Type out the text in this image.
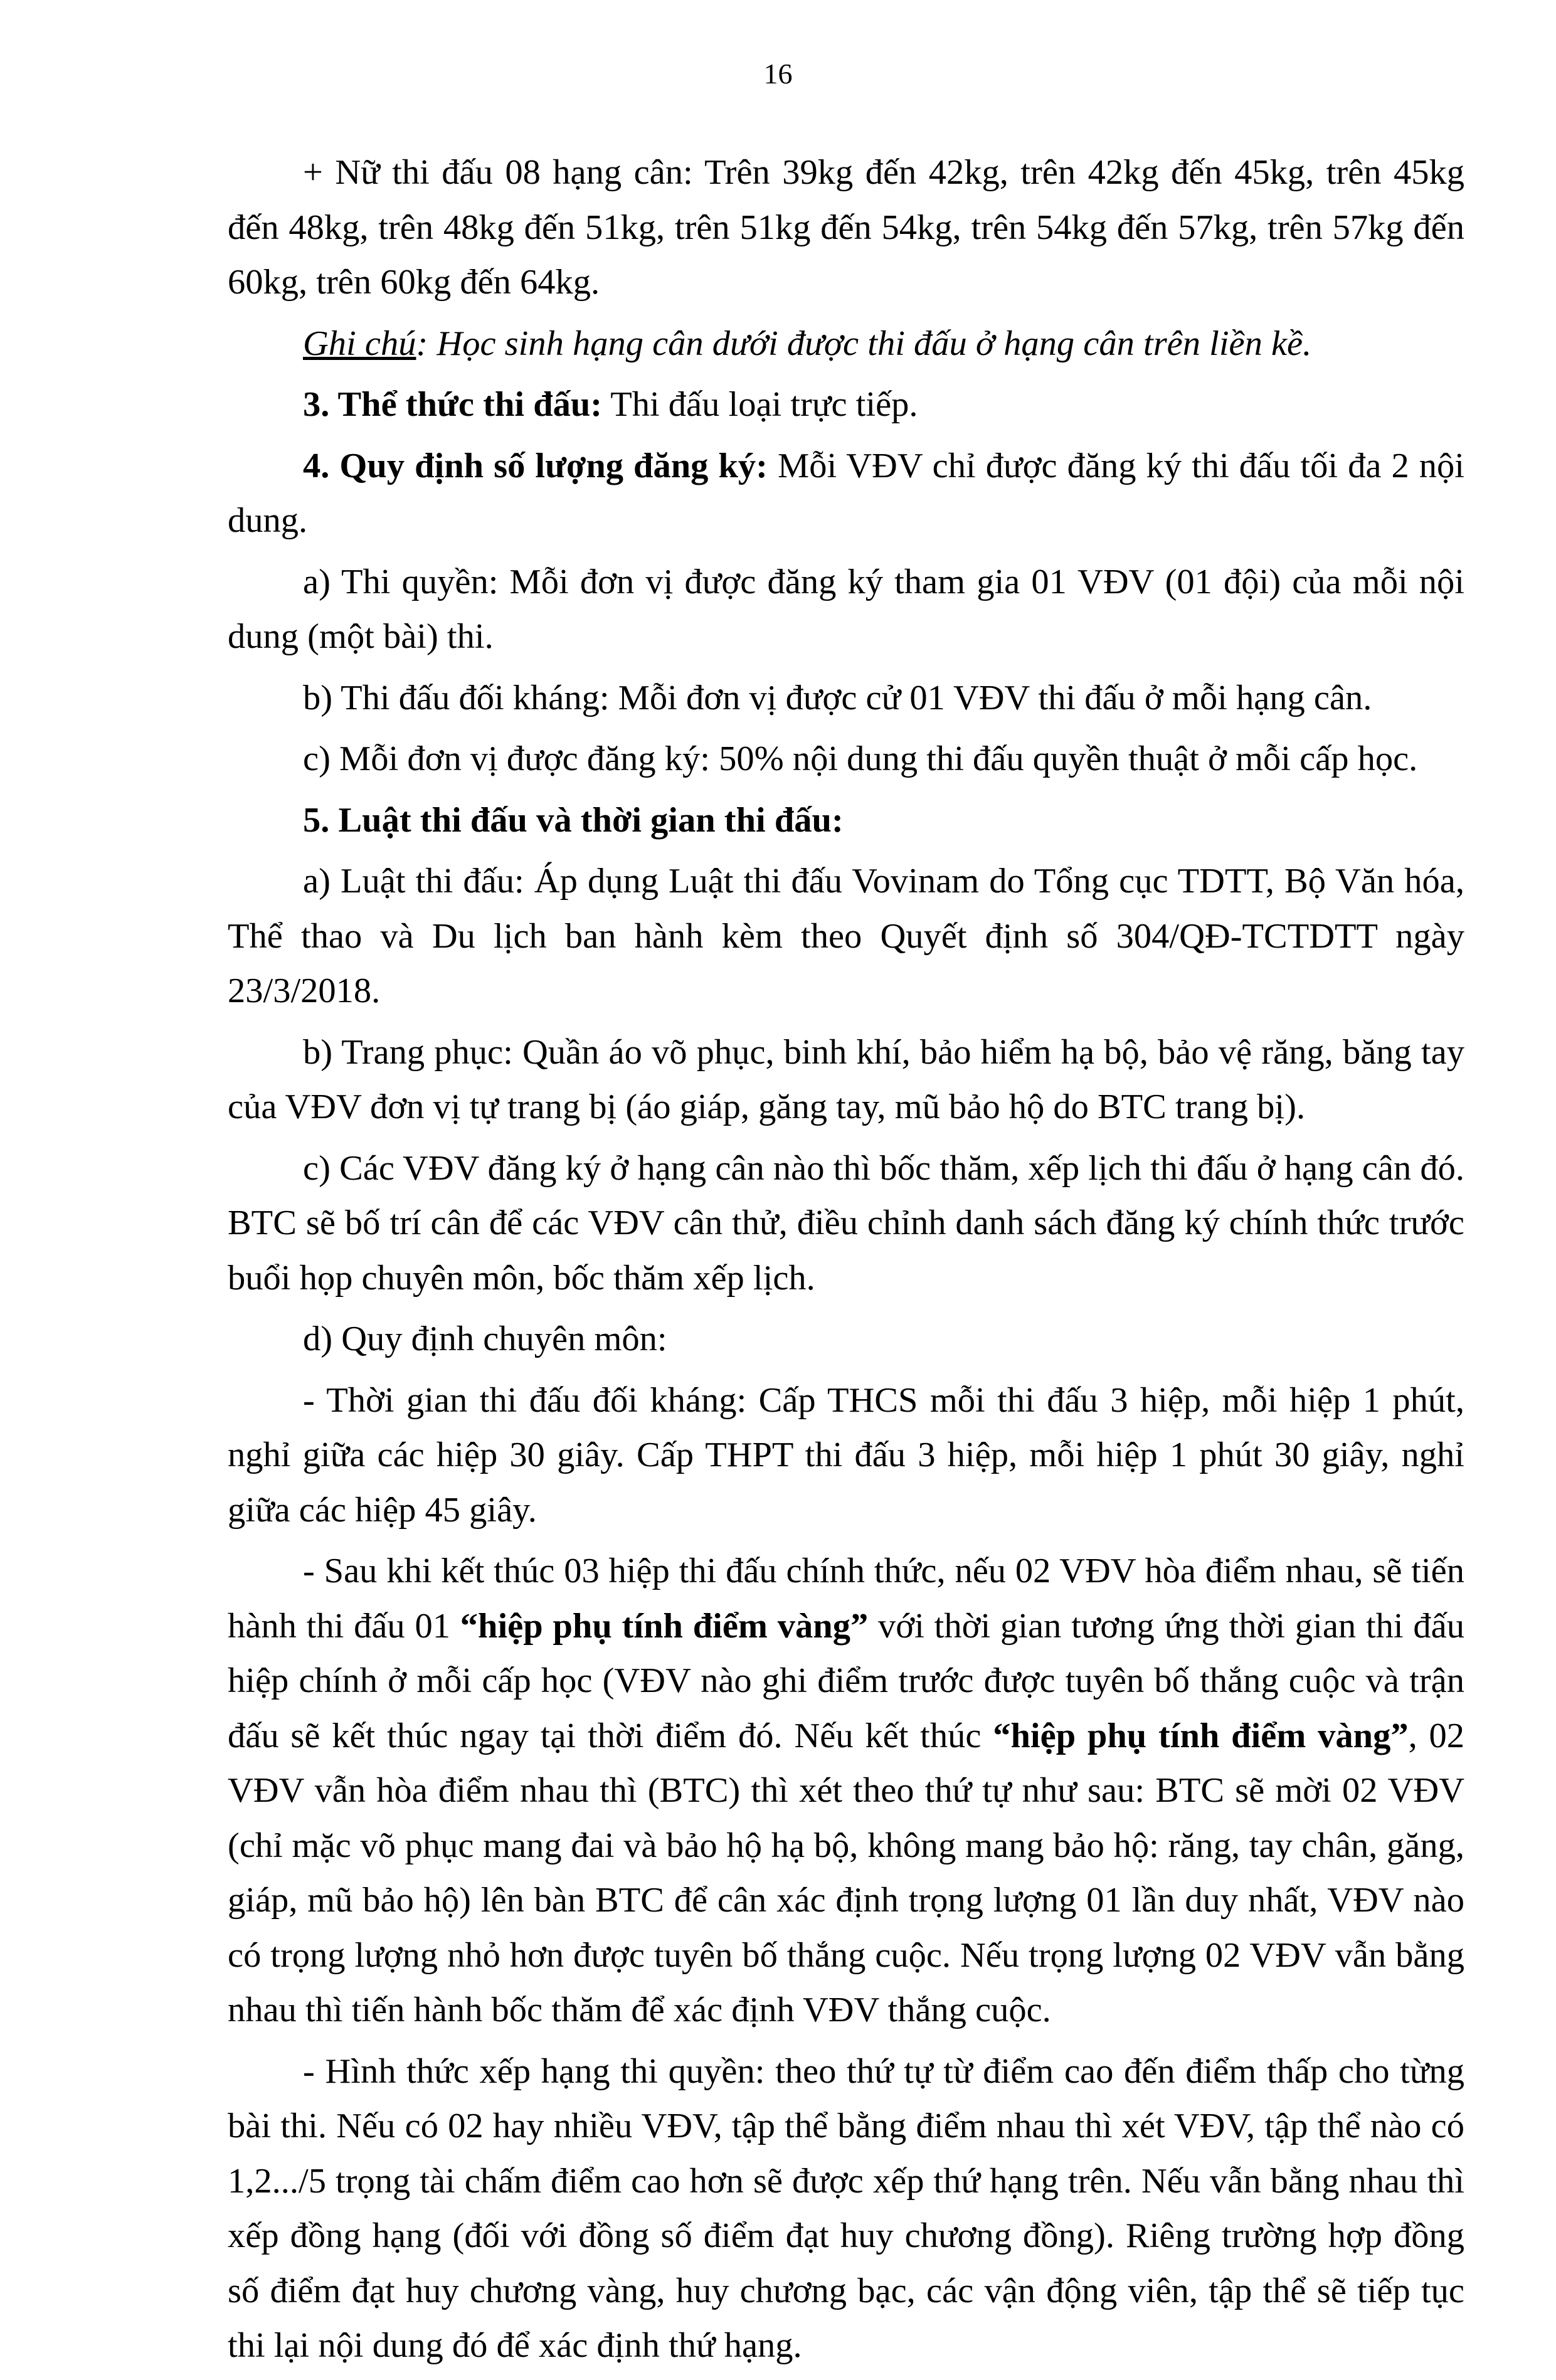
16

+ Nữ thi đấu 08 hạng cân: Trên 39kg đến 42kg, trên 42kg đến 45kg, trên 45kg đến 48kg, trên 48kg đến 51kg, trên 51kg đến 54kg, trên 54kg đến 57kg, trên 57kg đến 60kg, trên 60kg đến 64kg.

Ghi chú: Học sinh hạng cân dưới được thi đấu ở hạng cân trên liền kề.

3. Thể thức thi đấu: Thi đấu loại trực tiếp.

4. Quy định số lượng đăng ký: Mỗi VĐV chỉ được đăng ký thi đấu tối đa 2 nội dung.

a) Thi quyền: Mỗi đơn vị được đăng ký tham gia 01 VĐV (01 đội) của mỗi nội dung (một bài) thi.

b) Thi đấu đối kháng: Mỗi đơn vị được cử 01 VĐV thi đấu ở mỗi hạng cân.

c) Mỗi đơn vị được đăng ký: 50% nội dung thi đấu quyền thuật ở mỗi cấp học.

5. Luật thi đấu và thời gian thi đấu:

a) Luật thi đấu: Áp dụng Luật thi đấu Vovinam do Tổng cục TDTT, Bộ Văn hóa, Thể thao và Du lịch ban hành kèm theo Quyết định số 304/QĐ-TCTDTT ngày 23/3/2018.

b) Trang phục: Quần áo võ phục, binh khí, bảo hiểm hạ bộ, bảo vệ răng, băng tay của VĐV đơn vị tự trang bị (áo giáp, găng tay, mũ bảo hộ do BTC trang bị).

c) Các VĐV đăng ký ở hạng cân nào thì bốc thăm, xếp lịch thi đấu ở hạng cân đó. BTC sẽ bố trí cân để các VĐV cân thử, điều chỉnh danh sách đăng ký chính thức trước buổi họp chuyên môn, bốc thăm xếp lịch.

d) Quy định chuyên môn:

- Thời gian thi đấu đối kháng: Cấp THCS mỗi thi đấu 3 hiệp, mỗi hiệp 1 phút, nghỉ giữa các hiệp 30 giây. Cấp THPT thi đấu 3 hiệp, mỗi hiệp 1 phút 30 giây, nghỉ giữa các hiệp 45 giây.

- Sau khi kết thúc 03 hiệp thi đấu chính thức, nếu 02 VĐV hòa điểm nhau, sẽ tiến hành thi đấu 01 “hiệp phụ tính điểm vàng” với thời gian tương ứng thời gian thi đấu hiệp chính ở mỗi cấp học (VĐV nào ghi điểm trước được tuyên bố thắng cuộc và trận đấu sẽ kết thúc ngay tại thời điểm đó. Nếu kết thúc “hiệp phụ tính điểm vàng”, 02 VĐV vẫn hòa điểm nhau thì (BTC) thì xét theo thứ tự như sau: BTC sẽ mời 02 VĐV (chỉ mặc võ phục mang đai và bảo hộ hạ bộ, không mang bảo hộ: răng, tay chân, găng, giáp, mũ bảo hộ) lên bàn BTC để cân xác định trọng lượng 01 lần duy nhất, VĐV nào có trọng lượng nhỏ hơn được tuyên bố thắng cuộc. Nếu trọng lượng 02 VĐV vẫn bằng nhau thì tiến hành bốc thăm để xác định VĐV thắng cuộc.

- Hình thức xếp hạng thi quyền: theo thứ tự từ điểm cao đến điểm thấp cho từng bài thi. Nếu có 02 hay nhiều VĐV, tập thể bằng điểm nhau thì xét VĐV, tập thể nào có 1,2.../5 trọng tài chấm điểm cao hơn sẽ được xếp thứ hạng trên. Nếu vẫn bằng nhau thì xếp đồng hạng (đối với đồng số điểm đạt huy chương đồng). Riêng trường hợp đồng số điểm đạt huy chương vàng, huy chương bạc, các vận động viên, tập thể sẽ tiếp tục thi lại nội dung đó để xác định thứ hạng.
